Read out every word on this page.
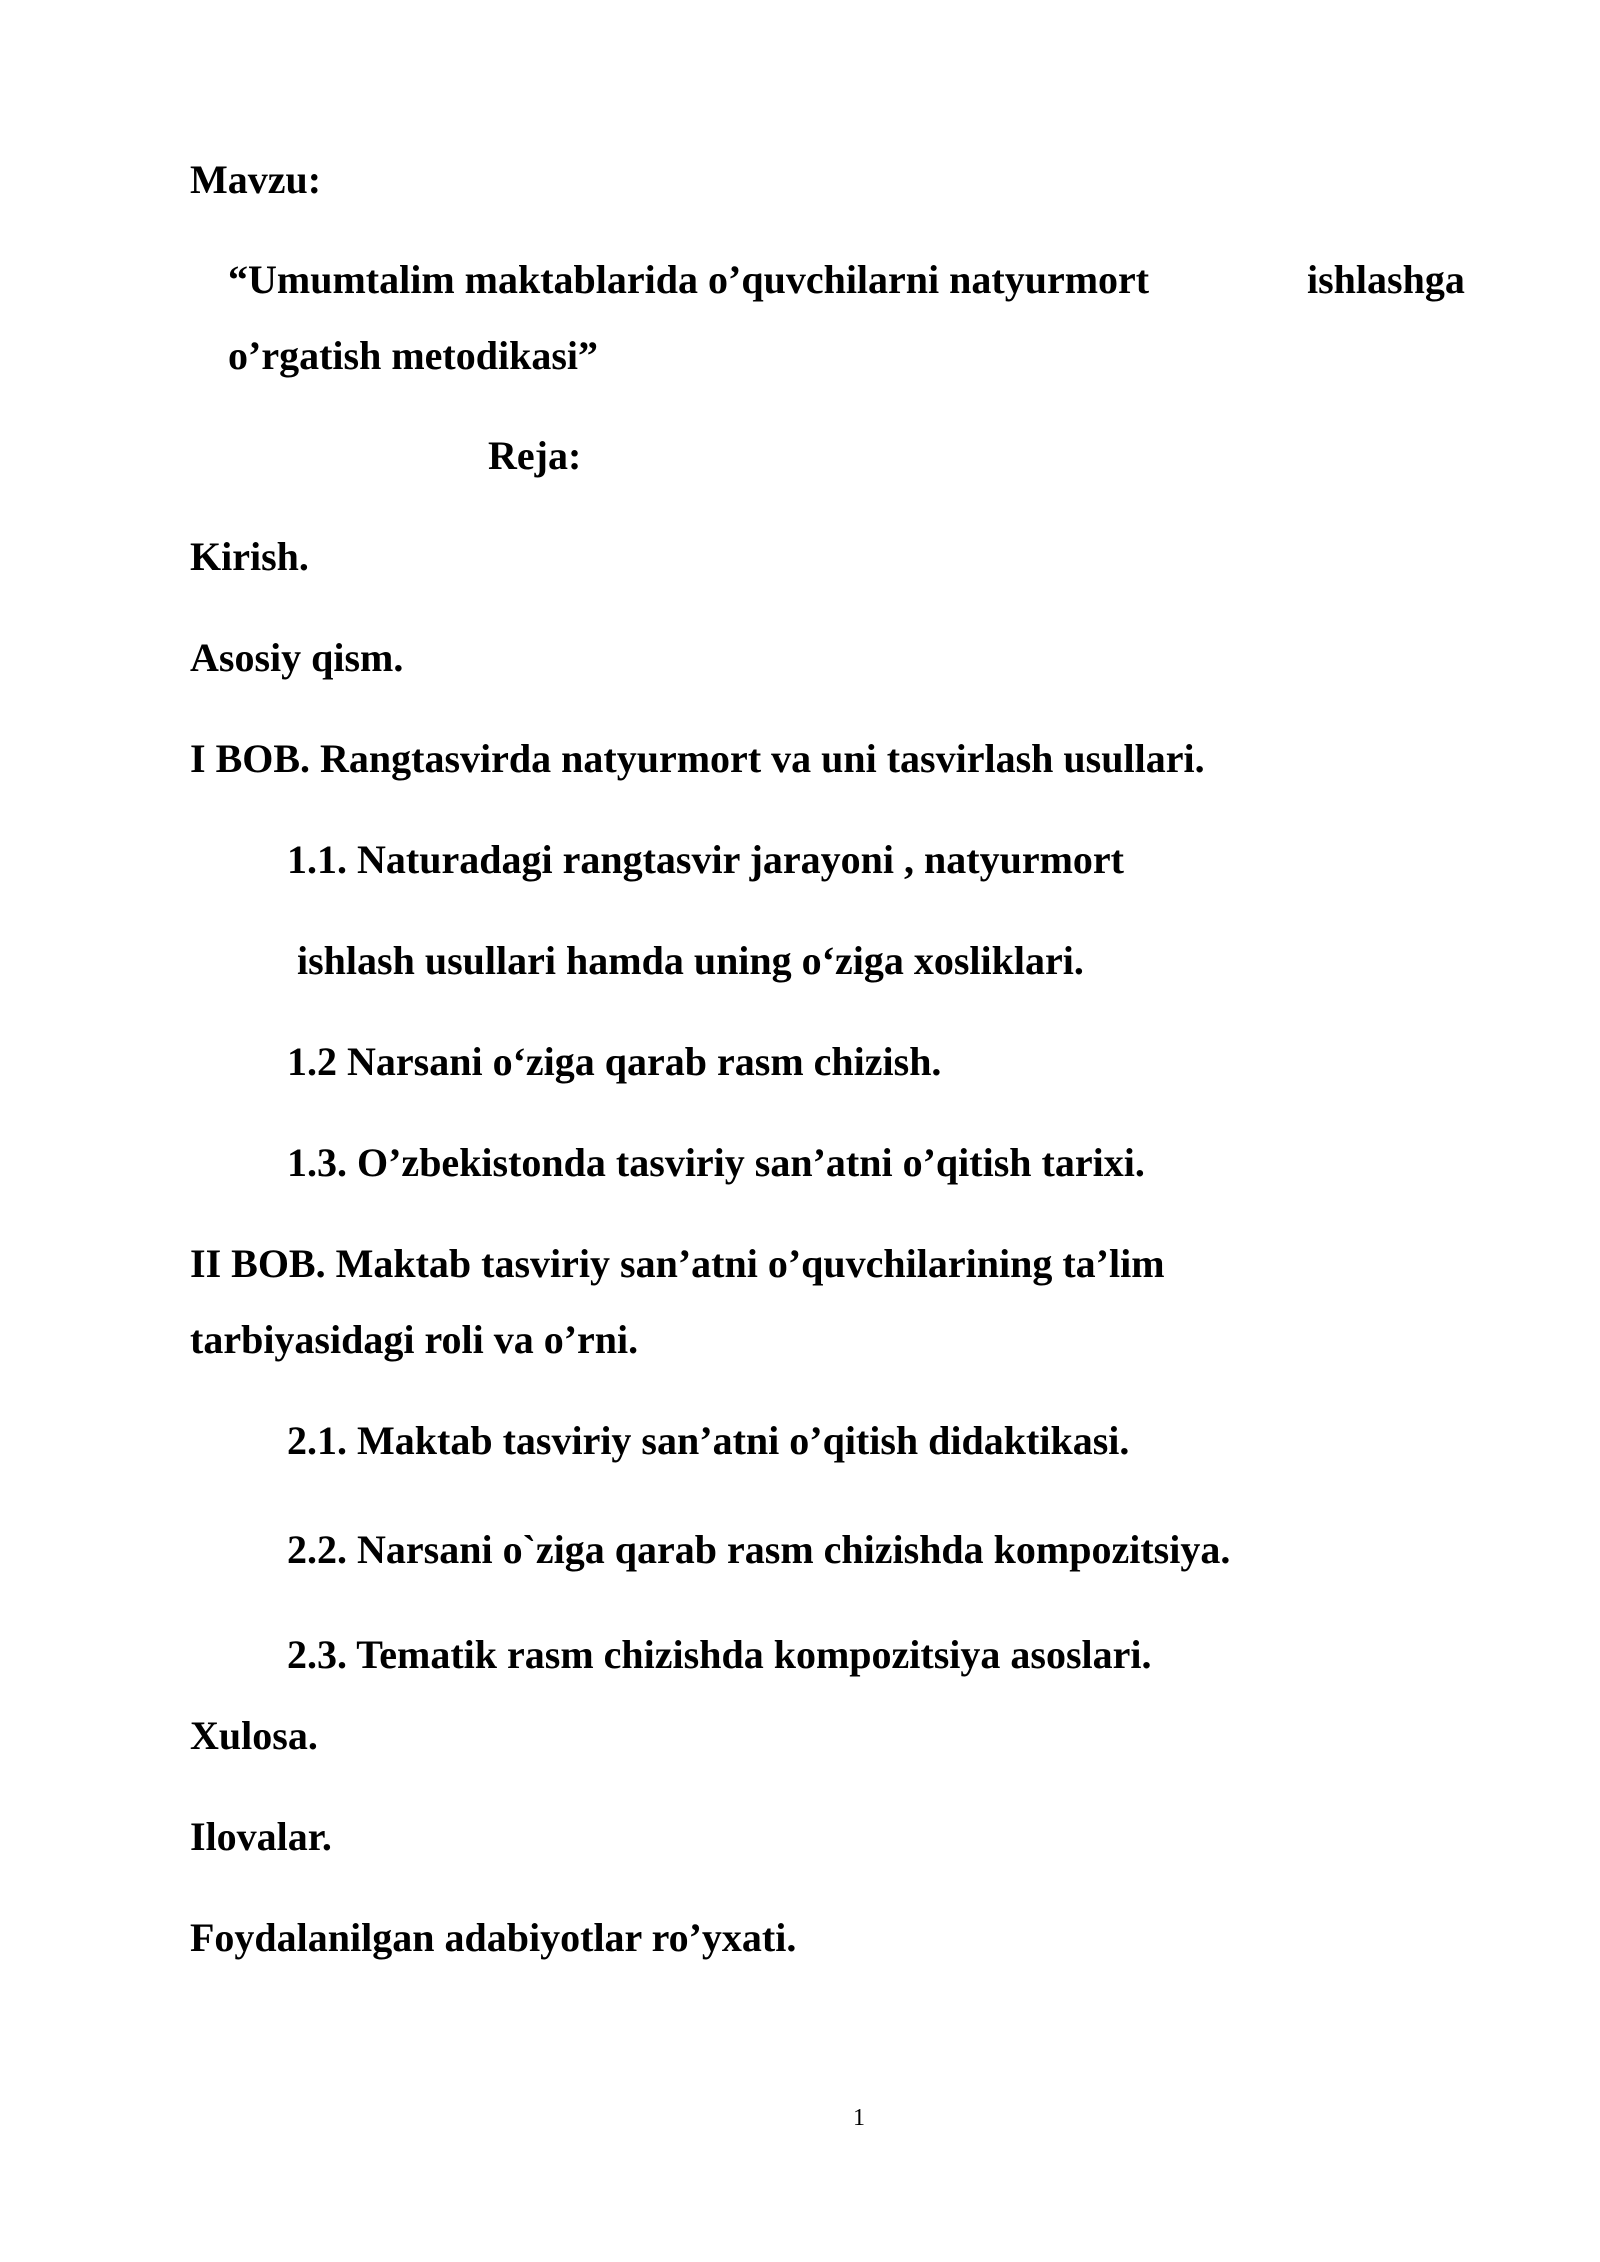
Mavzu:
“Umumtalim maktablarida o’quvchilarni natyurmort	ishlashga
o’rgatish metodikasi”
Reja:
Kirish.
Asosiy qism.
I BOB. Rangtasvirda natyurmort va uni tasvirlash usullari.
1.1. Naturadagi rangtasvir jarayoni , natyurmort
ishlash usullari hamda uning o‘ziga xosliklari.
1.2 Narsani o‘ziga qarab rasm chizish.
1.3. O’zbekistonda tasviriy san’atni o’qitish tarixi.
II BOB. Maktab tasviriy san’atni o’quvchilarining ta’lim
tarbiyasidagi roli va o’rni.
2.1. Maktab tasviriy san’atni o’qitish didaktikasi.
2.2. Narsani o`ziga qarab rasm chizishda kompozitsiya.
2.3. Tematik rasm chizishda kompozitsiya asoslari.
Xulosa.
Ilovalar.
Foydalanilgan adabiyotlar ro’yxati.
1
